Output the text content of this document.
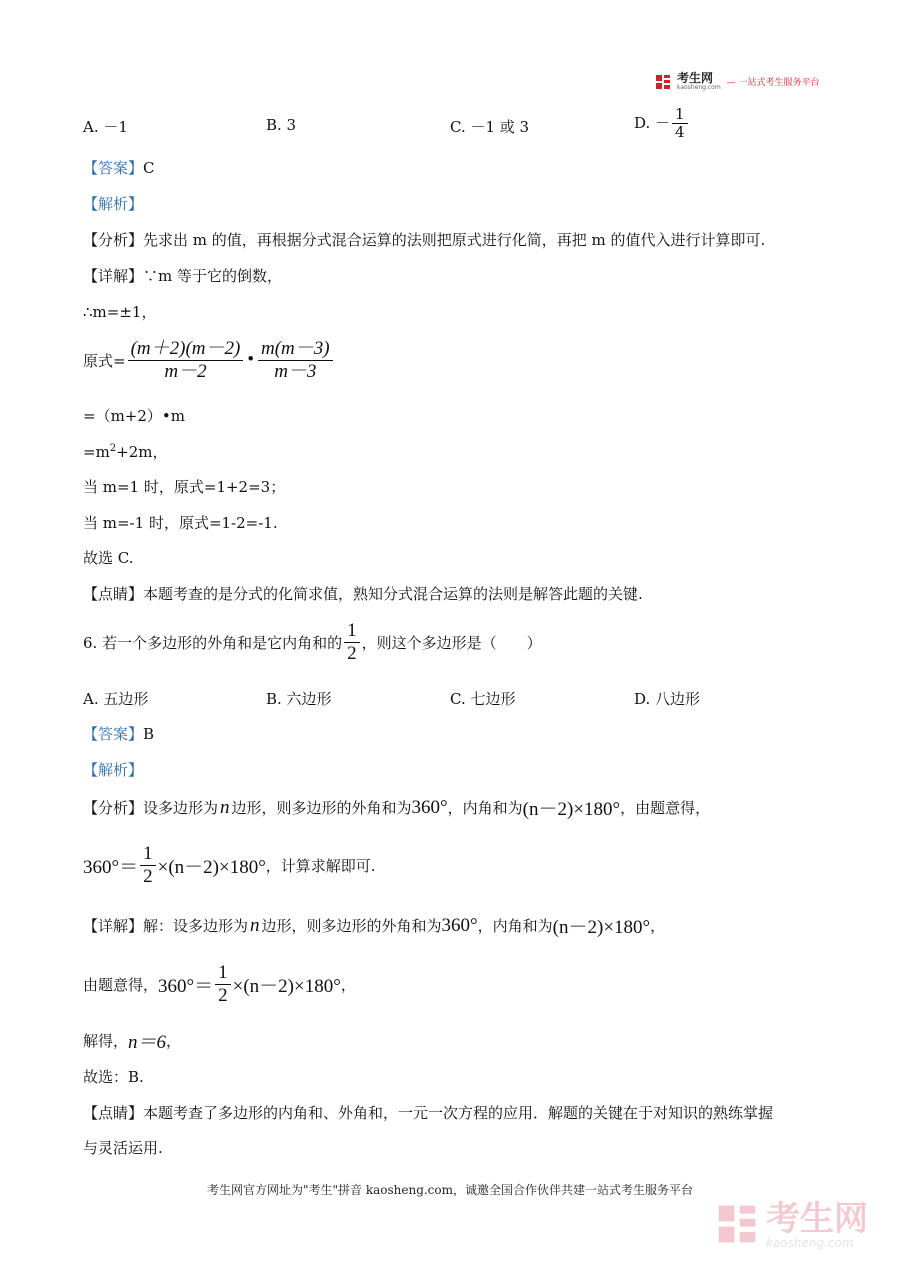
考生网
kaosheng.com — 一站式考生服务平台
A. －1	B. 3	C. －1 或 3	D. － $\frac{1}{4}$
【答案】C
【解析】
【分析】先求出 m 的值，再根据分式混合运算的法则把原式进行化简，再把 m 的值代入进行计算即可.
【详解】∵m 等于它的倒数，
∴m=±1，
原式= $\frac{(m+2)(m-2)}{m-2}$ • $\frac{m(m-3)}{m-3}$
=（m+2）•m
$=m^2+2m$，
当 m=1 时，原式=1+2=3；
当 m=-1 时，原式=1-2=-1.
故选 C.
【点睛】本题考查的是分式的化简求值，熟知分式混合运算的法则是解答此题的关键.
6. 若一个多边形的外角和是它内角和的 $\frac{1}{2}$ ，则这个多边形是（　　）
A. 五边形	B. 六边形	C. 七边形	D. 八边形
【答案】B
【解析】
【分析】 设多边形为 n 边形，则多边形的外角和为 360° ，内角和为 (n－2)×180° ，由题意得，
$360^\circ= \frac{1}{2} \times(n-2)\times 180^\circ$ ，计算求解即可.
【详解】 解：设多边形为 n 边形，则多边形的外角和为 360° ，内角和为 (n－2)×180° ，
由题意得， $360^\circ= \frac{1}{2} \times(n-2)\times 180^\circ$ ，
解得， n＝6 ，
故选：B.
【点睛】本题考查了多边形的内角和、外角和，一元一次方程的应用．解题的关键在于对知识的熟练掌握
与灵活运用.
考生网官方网址为"考生"拼音 kaosheng.com，诚邀全国合作伙伴共建一站式考生服务平台
考生网
kaosheng.com
